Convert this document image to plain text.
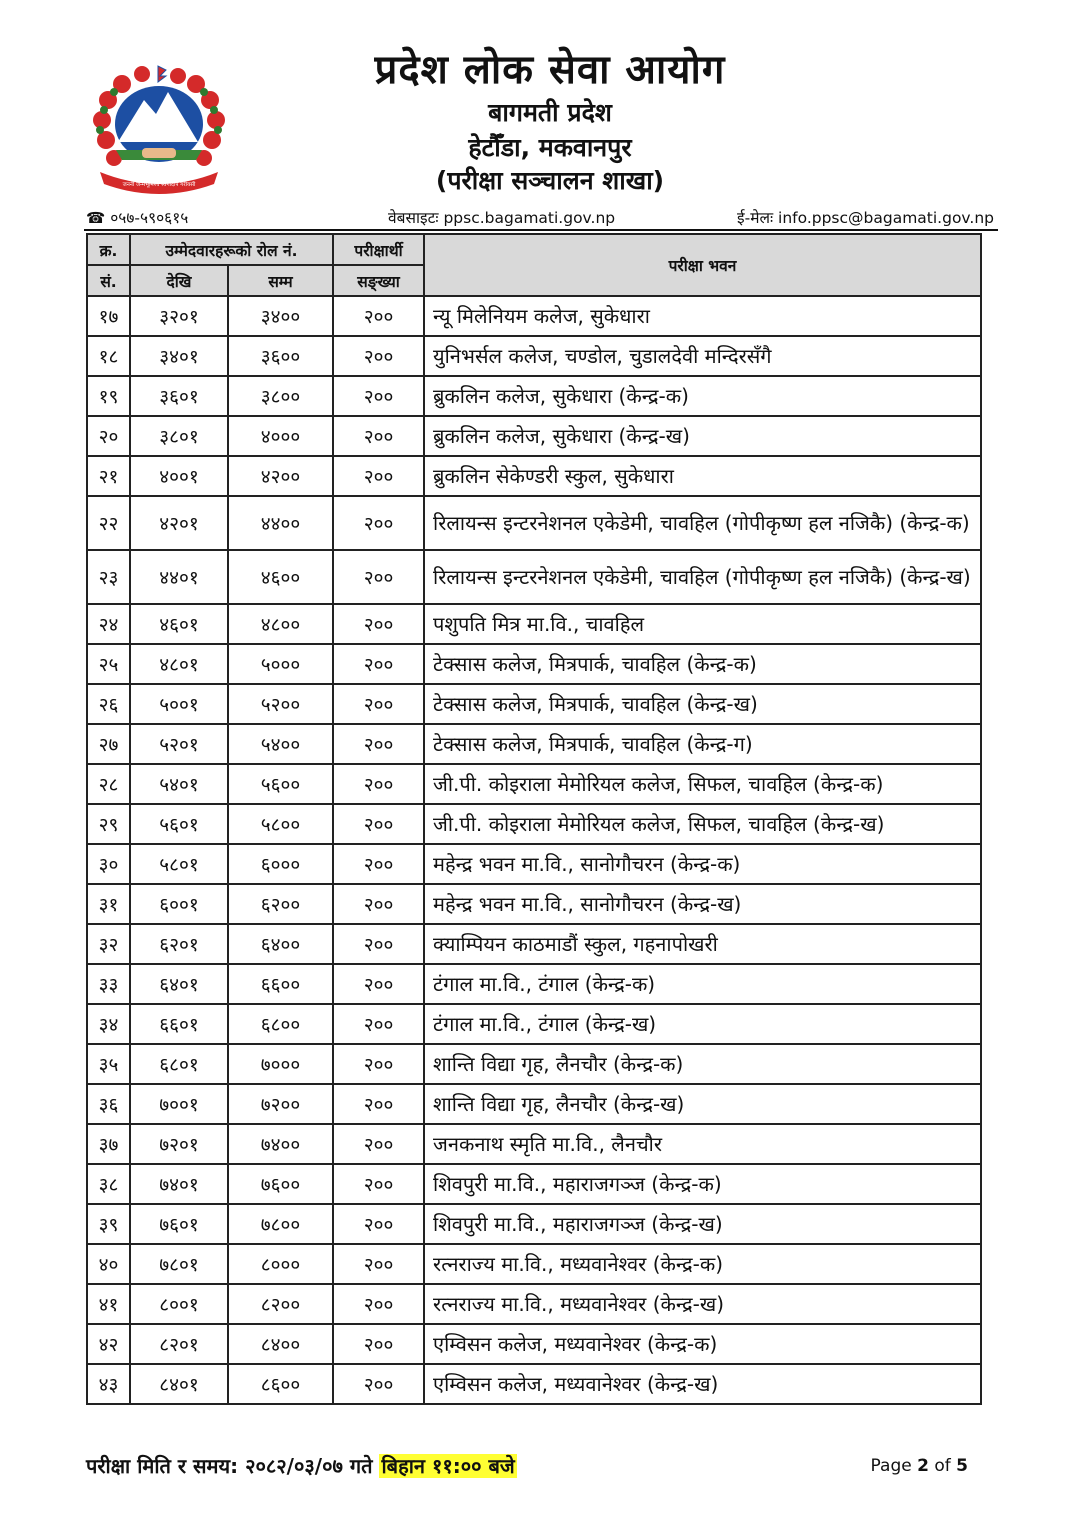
जननी जन्मभूमिश्च स्वर्गादपि गरीयसी
प्रदेश लोक सेवा आयोग
बागमती प्रदेश
हेटौँडा, मकवानपुर
(परीक्षा सञ्चालन शाखा)
☎ ०५७-५९०६१५	वेबसाइटः ppsc.bagamati.gov.np	ई-मेलः info.ppsc@bagamati.gov.np
क्र.	उम्मेदवारहरूको रोल नं.		परीक्षार्थी	परीक्षा भवन
सं.	देखि	सम्म	सङ्ख्या	
१७	३२०१	३४००	२००	न्यू मिलेनियम कलेज, सुकेधारा
१८	३४०१	३६००	२००	युनिभर्सल कलेज, चण्डोल, चुडालदेवी मन्दिरसँगै
१९	३६०१	३८००	२००	ब्रुकलिन कलेज, सुकेधारा (केन्द्र-क)
२०	३८०१	४०००	२००	ब्रुकलिन कलेज, सुकेधारा (केन्द्र-ख)
२१	४००१	४२००	२००	ब्रुकलिन सेकेण्डरी स्कुल, सुकेधारा
२२	४२०१	४४००	२००	रिलायन्स इन्टरनेशनल एकेडेमी, चावहिल (गोपीकृष्ण हल नजिकै) (केन्द्र-क)
२३	४४०१	४६००	२००	रिलायन्स इन्टरनेशनल एकेडेमी, चावहिल (गोपीकृष्ण हल नजिकै) (केन्द्र-ख)
२४	४६०१	४८००	२००	पशुपति मित्र मा.वि., चावहिल
२५	४८०१	५०००	२००	टेक्सास कलेज, मित्रपार्क, चावहिल (केन्द्र-क)
२६	५००१	५२००	२००	टेक्सास कलेज, मित्रपार्क, चावहिल (केन्द्र-ख)
२७	५२०१	५४००	२००	टेक्सास कलेज, मित्रपार्क, चावहिल (केन्द्र-ग)
२८	५४०१	५६००	२००	जी.पी. कोइराला मेमोरियल कलेज, सिफल, चावहिल (केन्द्र-क)
२९	५६०१	५८००	२००	जी.पी. कोइराला मेमोरियल कलेज, सिफल, चावहिल (केन्द्र-ख)
३०	५८०१	६०००	२००	महेन्द्र भवन मा.वि., सानोगौचरन (केन्द्र-क)
३१	६००१	६२००	२००	महेन्द्र भवन मा.वि., सानोगौचरन (केन्द्र-ख)
३२	६२०१	६४००	२००	क्याम्पियन काठमाडौं स्कुल, गहनापोखरी
३३	६४०१	६६००	२००	टंगाल मा.वि., टंगाल (केन्द्र-क)
३४	६६०१	६८००	२००	टंगाल मा.वि., टंगाल (केन्द्र-ख)
३५	६८०१	७०००	२००	शान्ति विद्या गृह, लैनचौर (केन्द्र-क)
३६	७००१	७२००	२००	शान्ति विद्या गृह, लैनचौर (केन्द्र-ख)
३७	७२०१	७४००	२००	जनकनाथ स्मृति मा.वि., लैनचौर
३८	७४०१	७६००	२००	शिवपुरी मा.वि., महाराजगञ्ज (केन्द्र-क)
३९	७६०१	७८००	२००	शिवपुरी मा.वि., महाराजगञ्ज (केन्द्र-ख)
४०	७८०१	८०००	२००	रत्नराज्य मा.वि., मध्यवानेश्वर (केन्द्र-क)
४१	८००१	८२००	२००	रत्नराज्य मा.वि., मध्यवानेश्वर (केन्द्र-ख)
४२	८२०१	८४००	२००	एम्विसन कलेज, मध्यवानेश्वर (केन्द्र-क)
४३	८४०१	८६००	२००	एम्विसन कलेज, मध्यवानेश्वर (केन्द्र-ख)
परीक्षा मिति र समय: २०८२/०३/०७ गते बिहान ११:०० बजे	Page 2 of 5
